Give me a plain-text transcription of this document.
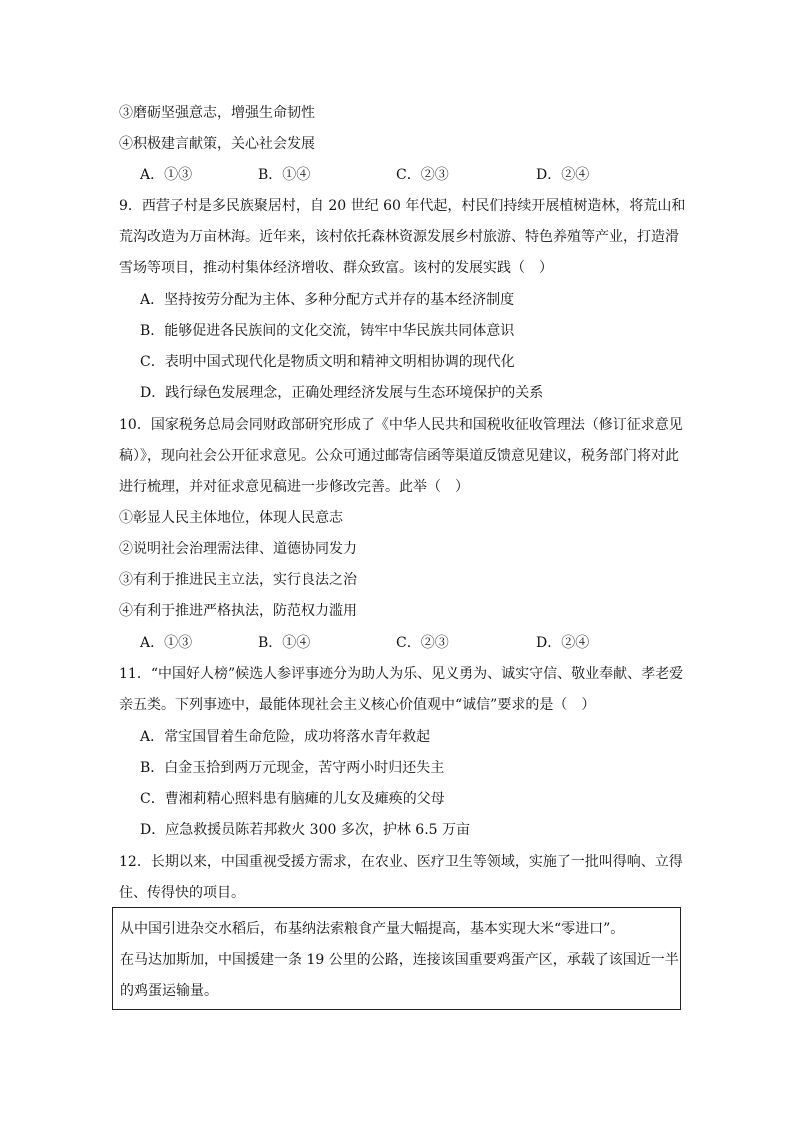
③磨砺坚强意志，增强生命韧性
④积极建言献策，关心社会发展
A．①③	B．①④	C．②③	D．②④
9．西营子村是多民族聚居村，自 20 世纪 60 年代起，村民们持续开展植树造林，将荒山和
荒沟改造为万亩林海。近年来，该村依托森林资源发展乡村旅游、特色养殖等产业，打造滑
雪场等项目，推动村集体经济增收、群众致富。该村的发展实践（　）
A．坚持按劳分配为主体、多种分配方式并存的基本经济制度
B．能够促进各民族间的文化交流，铸牢中华民族共同体意识
C．表明中国式现代化是物质文明和精神文明相协调的现代化
D．践行绿色发展理念，正确处理经济发展与生态环境保护的关系
10．国家税务总局会同财政部研究形成了《中华人民共和国税收征收管理法（修订征求意见
稿）》，现向社会公开征求意见。公众可通过邮寄信函等渠道反馈意见建议，税务部门将对此
进行梳理，并对征求意见稿进一步修改完善。此举（　）
①彰显人民主体地位，体现人民意志
②说明社会治理需法律、道德协同发力
③有利于推进民主立法，实行良法之治
④有利于推进严格执法，防范权力滥用
A．①③	B．①④	C．②③	D．②④
11．“中国好人榜”候选人参评事迹分为助人为乐、见义勇为、诚实守信、敬业奉献、孝老爱
亲五类。下列事迹中，最能体现社会主义核心价值观中“诚信”要求的是（　）
A．常宝国冒着生命危险，成功将落水青年救起
B．白金玉拾到两万元现金，苦守两小时归还失主
C．曹湘莉精心照料患有脑瘫的儿女及瘫痪的父母
D．应急救援员陈若邦救火 300 多次，护林 6.5 万亩
12．长期以来，中国重视受援方需求，在农业、医疗卫生等领域，实施了一批叫得响、立得
住、传得快的项目。
从中国引进杂交水稻后，布基纳法索粮食产量大幅提高，基本实现大米“零进口”。
在马达加斯加，中国援建一条 19 公里的公路，连接该国重要鸡蛋产区，承载了该国近一半
的鸡蛋运输量。
